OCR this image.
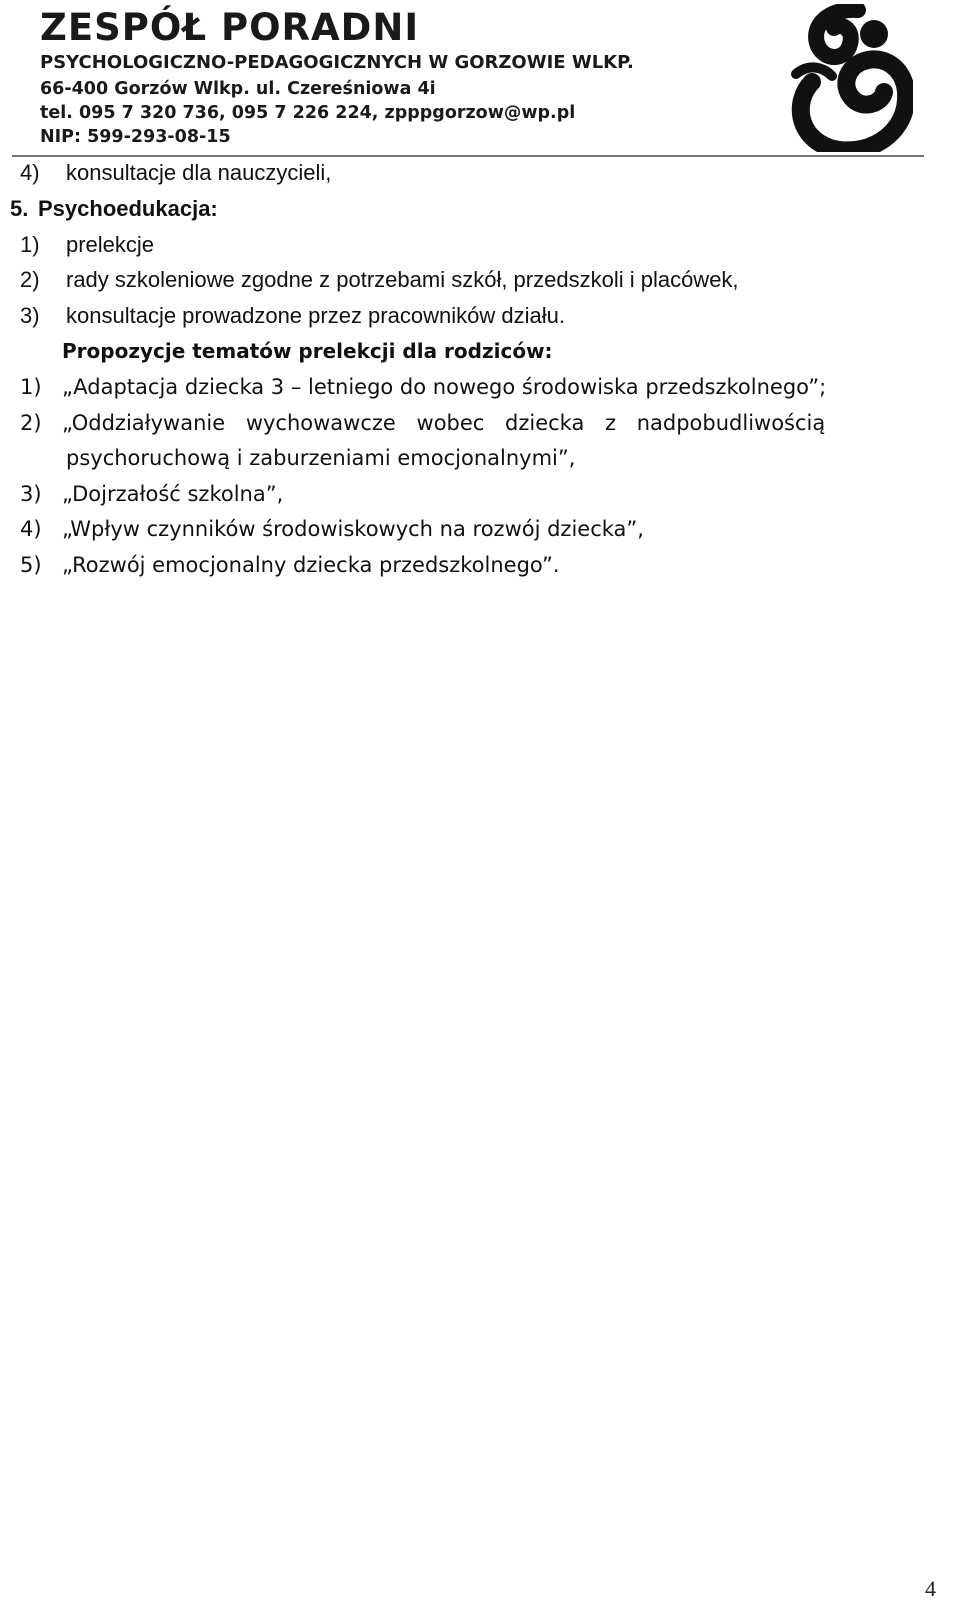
ZESPÓŁ PORADNI

PSYCHOLOGICZNO-PEDAGOGICZNYCH W GORZOWIE WLKP.

66-400 Gorzów Wlkp. ul. Czereśniowa 4i

tel. 095 7 320 736, 095 7 226 224, zpppgorzow@wp.pl

NIP: 599-293-08-15

4) konsultacje dla nauczycieli,
5. Psychoedukacja:
1) prelekcje
2) rady szkoleniowe zgodne z potrzebami szkół, przedszkoli i placówek,
3) konsultacje prowadzone przez pracowników działu.
Propozycje tematów prelekcji dla rodziców:
1) „Adaptacja dziecka 3 – letniego do nowego środowiska przedszkolnego”;
2) „Oddziaływanie wychowawcze wobec dziecka z nadpobudliwością
psychoruchową i zaburzeniami emocjonalnymi”,
3) „Dojrzałość szkolna”,
4) „Wpływ czynników środowiskowych na rozwój dziecka”,
5) „Rozwój emocjonalny dziecka przedszkolnego”.
4
